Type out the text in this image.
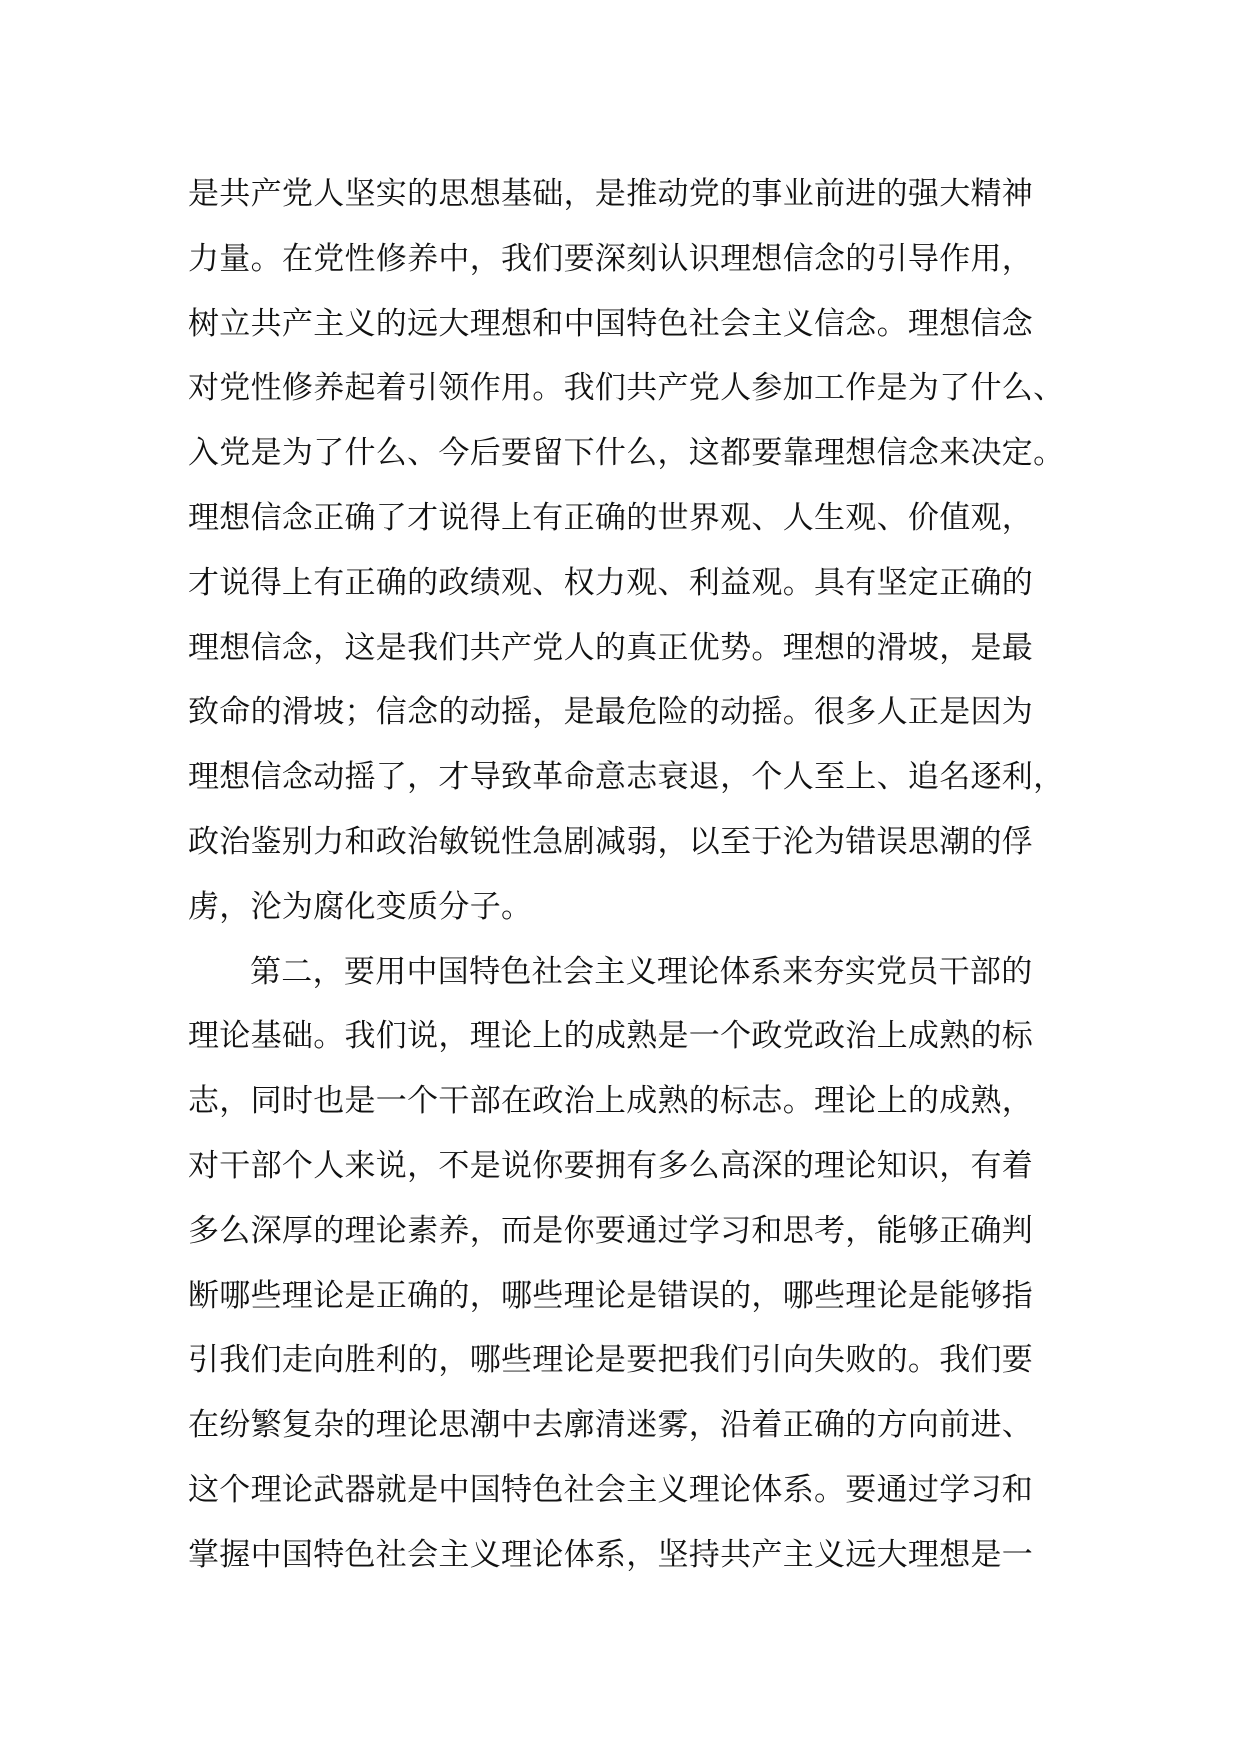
是共产党人坚实的思想基础，是推动党的事业前进的强大精神
力量。在党性修养中，我们要深刻认识理想信念的引导作用，
树立共产主义的远大理想和中国特色社会主义信念。理想信念
对党性修养起着引领作用。我们共产党人参加工作是为了什么、
入党是为了什么、今后要留下什么，这都要靠理想信念来决定。
理想信念正确了才说得上有正确的世界观、人生观、价值观，
才说得上有正确的政绩观、权力观、利益观。具有坚定正确的
理想信念，这是我们共产党人的真正优势。理想的滑坡，是最
致命的滑坡；信念的动摇，是最危险的动摇。很多人正是因为
理想信念动摇了，才导致革命意志衰退，个人至上、追名逐利，
政治鉴别力和政治敏锐性急剧减弱，以至于沦为错误思潮的俘
虏，沦为腐化变质分子。
第二，要用中国特色社会主义理论体系来夯实党员干部的
理论基础。我们说，理论上的成熟是一个政党政治上成熟的标
志，同时也是一个干部在政治上成熟的标志。理论上的成熟，
对干部个人来说，不是说你要拥有多么高深的理论知识，有着
多么深厚的理论素养，而是你要通过学习和思考，能够正确判
断哪些理论是正确的，哪些理论是错误的，哪些理论是能够指
引我们走向胜利的，哪些理论是要把我们引向失败的。我们要
在纷繁复杂的理论思潮中去廓清迷雾，沿着正确的方向前进、
这个理论武器就是中国特色社会主义理论体系。要通过学习和
掌握中国特色社会主义理论体系，坚持共产主义远大理想是一
